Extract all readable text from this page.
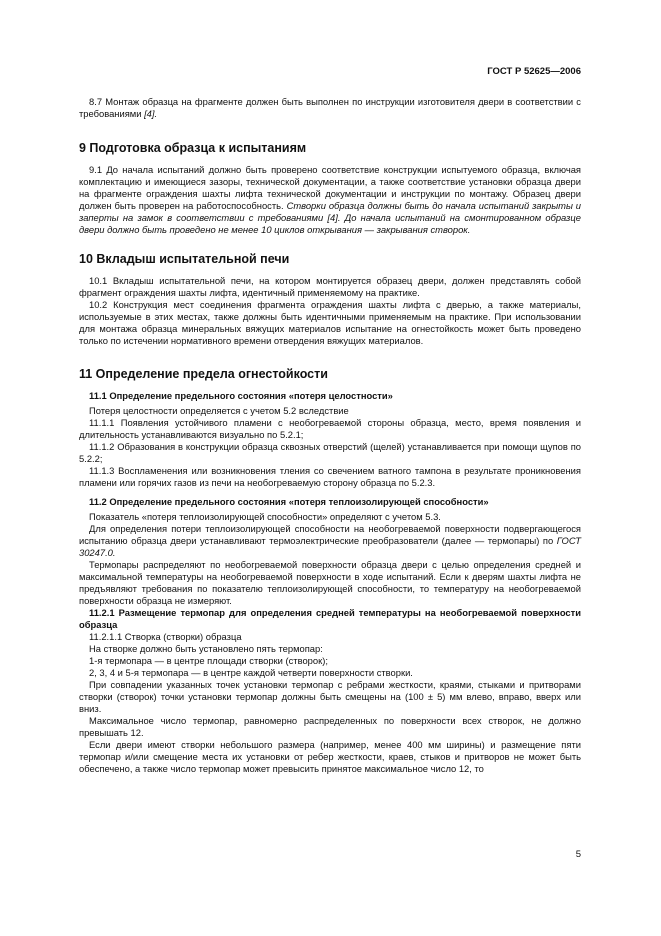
ГОСТ Р 52625—2006

8.7 Монтаж образца на фрагменте должен быть выполнен по инструкции изготовителя двери в соответствии с требованиями [4].

9 Подготовка образца к испытаниям

9.1 До начала испытаний должно быть проверено соответствие конструкции испытуемого образца, включая комплектацию и имеющиеся зазоры, технической документации, а также соответствие установки образца двери на фрагменте ограждения шахты лифта технической документации и инструкции по монтажу. Образец двери должен быть проверен на работоспособность. Створки образца должны быть до начала испытаний закрыты и заперты на замок в соответствии с требованиями [4]. До начала испытаний на смонтированном образце двери должно быть проведено не менее 10 циклов открывания — закрывания створок.

10 Вкладыш испытательной печи

10.1 Вкладыш испытательной печи, на котором монтируется образец двери, должен представлять собой фрагмент ограждения шахты лифта, идентичный применяемому на практике.

10.2 Конструкция мест соединения фрагмента ограждения шахты лифта с дверью, а также материалы, используемые в этих местах, также должны быть идентичными применяемым на практике. При использовании для монтажа образца минеральных вяжущих материалов испытание на огнестойкость может быть проведено только по истечении нормативного времени отвердения вяжущих материалов.

11 Определение предела огнестойкости

11.1 Определение предельного состояния «потеря целостности»

Потеря целостности определяется с учетом 5.2 вследствие

11.1.1 Появления устойчивого пламени с необогреваемой стороны образца, место, время появления и длительность устанавливаются визуально по 5.2.1;

11.1.2 Образования в конструкции образца сквозных отверстий (щелей) устанавливается при помощи щупов по 5.2.2;

11.1.3 Воспламенения или возникновения тления со свечением ватного тампона в результате проникновения пламени или горячих газов из печи на необогреваемую сторону образца по 5.2.3.

11.2 Определение предельного состояния «потеря теплоизолирующей способности»

Показатель «потеря теплоизолирующей способности» определяют с учетом 5.3.

Для определения потери теплоизолирующей способности на необогреваемой поверхности подвергающегося испытанию образца двери устанавливают термоэлектрические преобразователи (далее — термопары) по ГОСТ 30247.0.

Термопары распределяют по необогреваемой поверхности образца двери с целью определения средней и максимальной температуры на необогреваемой поверхности в ходе испытаний. Если к дверям шахты лифта не предъявляют требования по показателю теплоизолирующей способности, то температуру на необогреваемой поверхности образца не измеряют.

11.2.1 Размещение термопар для определения средней температуры на необогреваемой поверхности образца

11.2.1.1 Створка (створки) образца

На створке должно быть установлено пять термопар:

1-я термопара — в центре площади створки (створок);

2, 3, 4 и 5-я термопара — в центре каждой четверти поверхности створки.

При совпадении указанных точек установки термопар с ребрами жесткости, краями, стыками и притворами створки (створок) точки установки термопар должны быть смещены на (100 ± 5) мм влево, вправо, вверх или вниз.

Максимальное число термопар, равномерно распределенных по поверхности всех створок, не должно превышать 12.

Если двери имеют створки небольшого размера (например, менее 400 мм ширины) и размещение пяти термопар и/или смещение места их установки от ребер жесткости, краев, стыков и притворов не может быть обеспечено, а также число термопар может превысить принятое максимальное число 12, то

5
